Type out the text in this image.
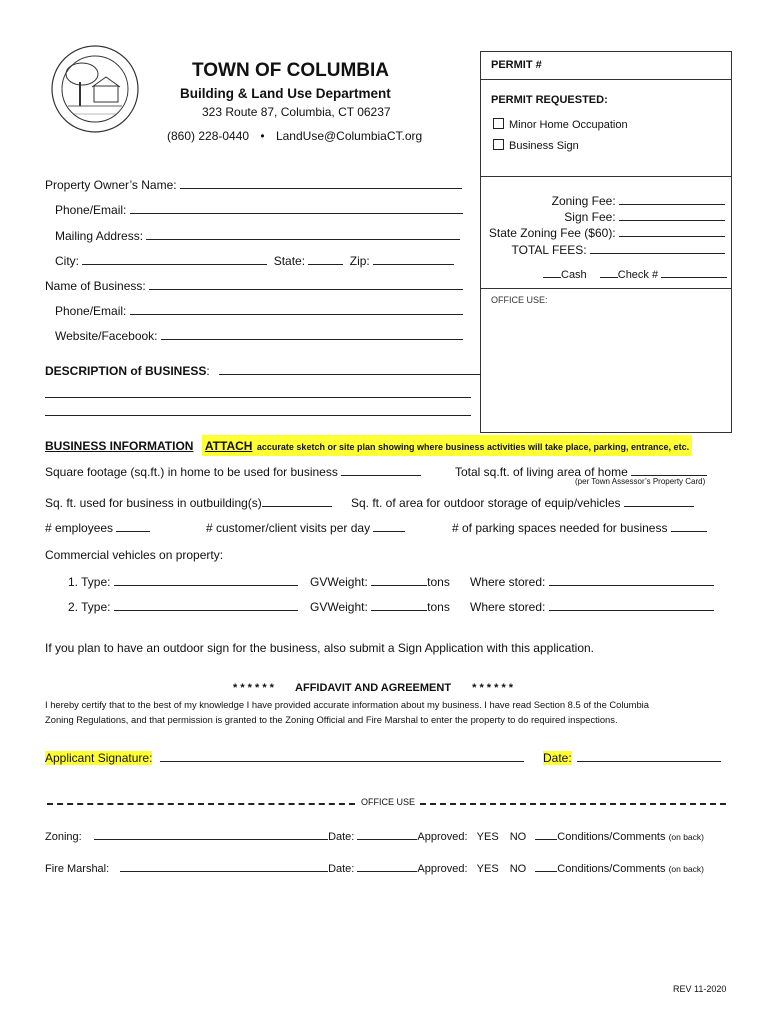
TOWN OF COLUMBIA
Building & Land Use Department
323 Route 87, Columbia, CT 06237
(860) 228-0440 • LandUse@ColumbiaCT.org
PERMIT #
PERMIT REQUESTED:
Minor Home Occupation
Business Sign
Zoning Fee:
Sign Fee:
State Zoning Fee ($60):
TOTAL FEES:
Cash	Check #
OFFICE USE:
Property Owner’s Name:
Phone/Email:
Mailing Address:
City:	State:	Zip:
Name of Business:
Phone/Email:
Website/Facebook:
DESCRIPTION of BUSINESS:
BUSINESS INFORMATION ATTACH accurate sketch or site plan showing where business activities will take place, parking, entrance, etc.
Square footage (sq.ft.) in home to be used for business	Total sq.ft. of living area of home
(per Town Assessor’s Property Card)
Sq. ft. used for business in outbuilding(s)	Sq. ft. of area for outdoor storage of equip/vehicles
# employees	# customer/client visits per day	# of parking spaces needed for business
Commercial vehicles on property:
1. Type:	GVWeight:	tons Where stored:
2. Type:	GVWeight:	tons Where stored:
If you plan to have an outdoor sign for the business, also submit a Sign Application with this application.
* * * * * * AFFIDAVIT AND AGREEMENT * * * * * *
I hereby certify that to the best of my knowledge I have provided accurate information about my business. I have read Section 8.5 of the Columbia
Zoning Regulations, and that permission is granted to the Zoning Official and Fire Marshal to enter the property to do required inspections.
Applicant Signature:	Date:
OFFICE USE
Zoning:	Date:	Approved: YES NO	Conditions/Comments (on back)
Fire Marshal:	Date:	Approved: YES NO	Conditions/Comments (on back)
REV 11-2020
